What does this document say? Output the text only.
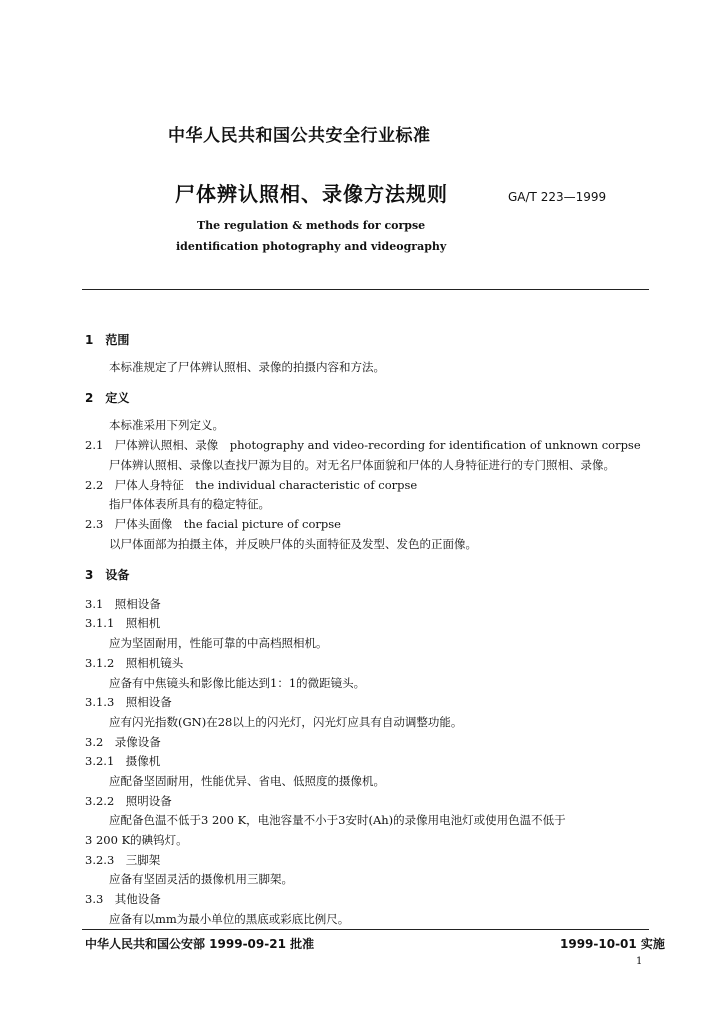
中华人民共和国公共安全行业标准
尸体辨认照相、录像方法规则	GA/T 223—1999
The regulation & methods for corpse
identification photography and videography
1　范围
本标准规定了尸体辨认照相、录像的拍摄内容和方法。
2　定义
本标准采用下列定义。
2.1　尸体辨认照相、录像　photography and video-recording for identification of unknown corpse
尸体辨认照相、录像以查找尸源为目的。对无名尸体面貌和尸体的人身特征进行的专门照相、录像。
2.2　尸体人身特征　the individual characteristic of corpse
指尸体体表所具有的稳定特征。
2.3　尸体头面像　the facial picture of corpse
以尸体面部为拍摄主体，并反映尸体的头面特征及发型、发色的正面像。
3　设备
3.1　照相设备
3.1.1　照相机
应为坚固耐用，性能可靠的中高档照相机。
3.1.2　照相机镜头
应备有中焦镜头和影像比能达到1：1的微距镜头。
3.1.3　照相设备
应有闪光指数(GN)在28以上的闪光灯，闪光灯应具有自动调整功能。
3.2　录像设备
3.2.1　摄像机
应配备坚固耐用，性能优异、省电、低照度的摄像机。
3.2.2　照明设备
应配备色温不低于3 200 K，电池容量不小于3安时(Ah)的录像用电池灯或使用色温不低于
3 200 K的碘钨灯。
3.2.3　三脚架
应备有坚固灵活的摄像机用三脚架。
3.3　其他设备
应备有以mm为最小单位的黑底或彩底比例尺。
中华人民共和国公安部 1999-09-21 批准	1999-10-01 实施
1
